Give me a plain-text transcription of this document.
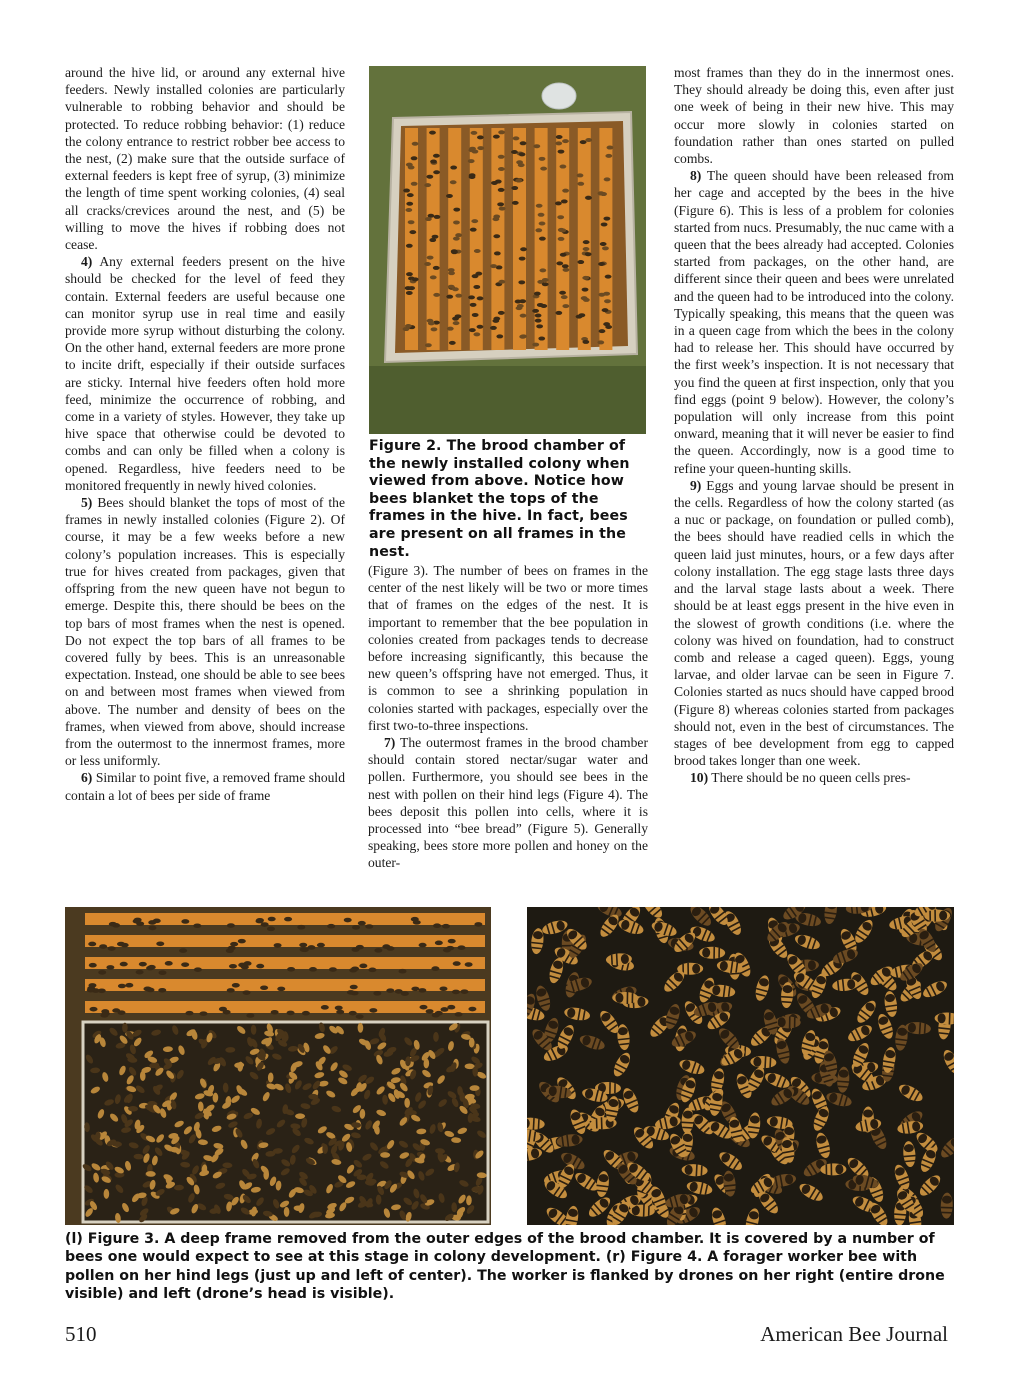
around the hive lid, or around any external hive feeders. Newly installed colonies are particularly vulnerable to robbing behavior and should be protected. To reduce robbing behavior: (1) reduce the colony entrance to restrict robber bee access to the nest, (2) make sure that the outside surface of external feeders is kept free of syrup, (3) minimize the length of time spent working colonies, (4) seal all cracks/crevices around the nest, and (5) be willing to move the hives if robbing does not cease.

4) Any external feeders present on the hive should be checked for the level of feed they contain. External feeders are useful because one can monitor syrup use in real time and easily provide more syrup without disturbing the colony. On the other hand, external feeders are more prone to incite drift, especially if their outside surfaces are sticky. Internal hive feeders often hold more feed, minimize the occurrence of robbing, and come in a variety of styles. However, they take up hive space that otherwise could be devoted to combs and can only be filled when a colony is opened. Regardless, hive feeders need to be monitored frequently in newly hived colonies.

5) Bees should blanket the tops of most of the frames in newly installed colonies (Figure 2). Of course, it may be a few weeks before a new colony’s population increases. This is especially true for hives created from packages, given that offspring from the new queen have not begun to emerge. Despite this, there should be bees on the top bars of most frames when the nest is opened. Do not expect the top bars of all frames to be covered fully by bees. This is an unreasonable expectation. Instead, one should be able to see bees on and between most frames when viewed from above. The number and density of bees on the frames, when viewed from above, should increase from the outermost to the innermost frames, more or less uniformly.

6) Similar to point five, a removed frame should contain a lot of bees per side of frame

Figure 2. The brood chamber of the newly installed colony when viewed from above. Notice how bees blanket the tops of the frames in the hive. In fact, bees are present on all frames in the nest.

(Figure 3). The number of bees on frames in the center of the nest likely will be two or more times that of frames on the edges of the nest. It is important to remember that the bee population in colonies created from packages tends to decrease before increasing significantly, this because the new queen’s offspring have not emerged. Thus, it is common to see a shrinking population in colonies started with packages, especially over the first two-to-three inspections.

7) The outermost frames in the brood chamber should contain stored nectar/sugar water and pollen. Furthermore, you should see bees in the nest with pollen on their hind legs (Figure 4). The bees deposit this pollen into cells, where it is processed into “bee bread” (Figure 5). Generally speaking, bees store more pollen and honey on the outer-

most frames than they do in the innermost ones. They should already be doing this, even after just one week of being in their new hive. This may occur more slowly in colonies started on foundation rather than ones started on pulled combs.

8) The queen should have been released from her cage and accepted by the bees in the hive (Figure 6). This is less of a problem for colonies started from nucs. Presumably, the nuc came with a queen that the bees already had accepted. Colonies started from packages, on the other hand, are different since their queen and bees were unrelated and the queen had to be introduced into the colony. Typically speaking, this means that the queen was in a queen cage from which the bees in the colony had to release her. This should have occurred by the first week’s inspection. It is not necessary that you find the queen at first inspection, only that you find eggs (point 9 below). However, the colony’s population will only increase from this point onward, meaning that it will never be easier to find the queen. Accordingly, now is a good time to refine your queen-hunting skills.

9) Eggs and young larvae should be present in the cells. Regardless of how the colony started (as a nuc or package, on foundation or pulled comb), the bees should have readied cells in which the queen laid just minutes, hours, or a few days after colony installation. The egg stage lasts three days and the larval stage lasts about a week. There should be at least eggs present in the hive even in the slowest of growth conditions (i.e. where the colony was hived on foundation, had to construct comb and release a caged queen). Eggs, young larvae, and older larvae can be seen in Figure 7. Colonies started as nucs should have capped brood (Figure 8) whereas colonies started from packages should not, even in the best of circumstances. The stages of bee development from egg to capped brood takes longer than one week.

10) There should be no queen cells pres-

(l) Figure 3. A deep frame removed from the outer edges of the brood chamber. It is covered by a number of bees one would expect to see at this stage in colony development. (r) Figure 4. A forager worker bee with pollen on her hind legs (just up and left of center). The worker is flanked by drones on her right (entire drone visible) and left (drone’s head is visible).
510	American Bee Journal
